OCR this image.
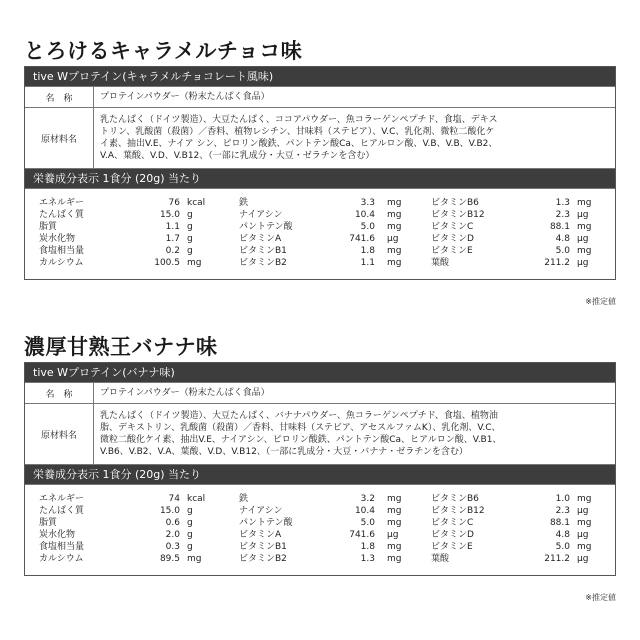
とろけるキャラメルチョコ味
tive Wプロテイン(キャラメルチョコレート風味)
名　称	プロテインパウダー（粉末たんぱく食品）
原材料名
乳たんぱく（ドイツ製造）、大豆たんぱく、ココアパウダー、魚コラーゲンペプチド、食塩、デキス
トリン、乳酸菌（殺菌）／香料、植物レシチン、甘味料（ステビア）、V.C、乳化剤、微粒二酸化ケ
イ素、抽出V.E、ナイア シン、ピロリン酸鉄、パントテン酸Ca、ヒアルロン酸、V.B、V.B、V.B2、
V.A、葉酸、V.D、V.B12、（一部に乳成分・大豆・ゼラチンを含む）
栄養成分表示 1食分 (20g) 当たり
エネルギー	76 kcal	鉄	3.3 mg	ビタミンB6	1.3 mg
たんぱく質	15.0 g	ナイアシン	10.4 mg	ビタミンB12	2.3 μg
脂質	1.1 g	パントテン酸	5.0 mg	ビタミンC	88.1 mg
炭水化物	1.7 g	ビタミンA	741.6 μg	ビタミンD	4.8 μg
食塩相当量	0.2 g	ビタミンB1	1.8 mg	ビタミンE	5.0 mg
カルシウム	100.5 mg	ビタミンB2	1.1 mg	葉酸	211.2 μg
※推定値
濃厚甘熟王バナナ味
tive Wプロテイン(バナナ味)
名　称	プロテインパウダー（粉末たんぱく食品）
原材料名
乳たんぱく（ドイツ製造）、大豆たんぱく、バナナパウダー、魚コラーゲンペプチド、食塩、植物油
脂、デキストリン、乳酸菌（殺菌）／香料、甘味料（ステビア、アセスルファムK）、乳化剤、V.C、
微粒二酸化ケイ素、抽出V.E、ナイアシン、ピロリン酸鉄、パントテン酸Ca、ヒアルロン酸、V.B1、
V.B6、V.B2、V.A、葉酸、V.D、V.B12、（一部に乳成分・大豆・バナナ・ゼラチンを含む）
栄養成分表示 1食分 (20g) 当たり
エネルギー	74 kcal	鉄	3.2 mg	ビタミンB6	1.0 mg
たんぱく質	15.0 g	ナイアシン	10.4 mg	ビタミンB12	2.3 μg
脂質	0.6 g	パントテン酸	5.0 mg	ビタミンC	88.1 mg
炭水化物	2.0 g	ビタミンA	741.6 μg	ビタミンD	4.8 μg
食塩相当量	0.3 g	ビタミンB1	1.8 mg	ビタミンE	5.0 mg
カルシウム	89.5 mg	ビタミンB2	1.3 mg	葉酸	211.2 μg
※推定値
